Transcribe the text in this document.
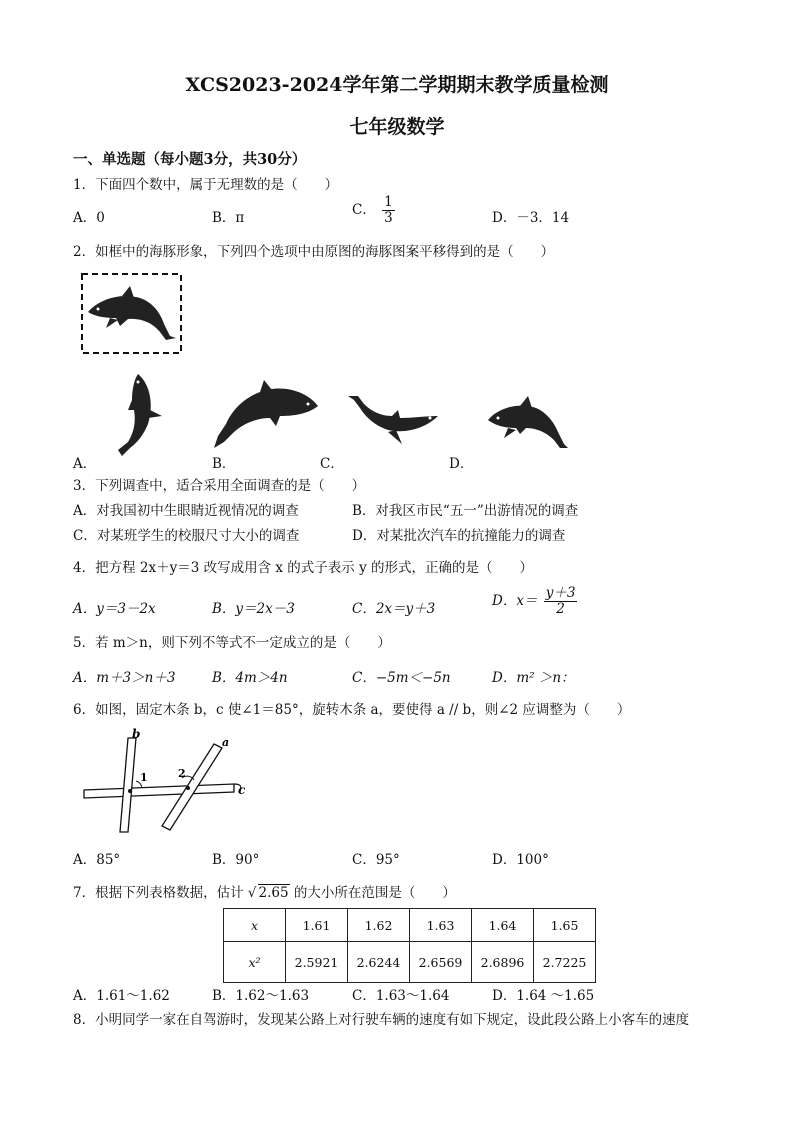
XCS2023-2024学年第二学期期末教学质量检测
七年级数学
一、单选题（每小题3分，共30分）
1．下面四个数中，属于无理数的是（　　）
A．0	B．π
C． $\frac{1}{3}$	D．－3．14
2．如框中的海豚形象，下列四个选项中由原图的海豚图案平移得到的是（　　）
A．	B．	C．	D．
3．下列调查中，适合采用全面调查的是（　　）
A．对我国初中生眼睛近视情况的调查	B．对我区市民“五一”出游情况的调查
C．对某班学生的校服尺寸大小的调查	D．对某批次汽车的抗撞能力的调查
4．把方程 2x＋y＝3 改写成用含 x 的式子表示 y 的形式，正确的是（　　）
A．y＝3－2x	B．y＝2x－3	C．2x＝y＋3
D．$x= \frac{y+3}{2}$
5．若 m＞n，则下列不等式不一定成立的是（　　）
A．m＋3＞n＋3	B．4m＞4n	C．−5m＜−5n	D．m² ＞n：
6．如图，固定木条 b，c 使∠1＝85°，旋转木条 a，要使得 a // b，则∠2 应调整为（　　）
b
a
c
1	2
A．85°	B．90°	C．95°	D．100°
7．根据下列表格数据，估计 √ 2.65 的大小所在范围是（　　）
x	1.61	1.62	1.63	1.64	1.65
x²	2.5921	2.6244	2.6569	2.6896	2.7225
A．1.61～1.62	B．1.62～1.63	C．1.63～1.64	D．1.64 ～1.65
8．小明同学一家在自驾游时，发现某公路上对行驶车辆的速度有如下规定，设此段公路上小客车的速度
